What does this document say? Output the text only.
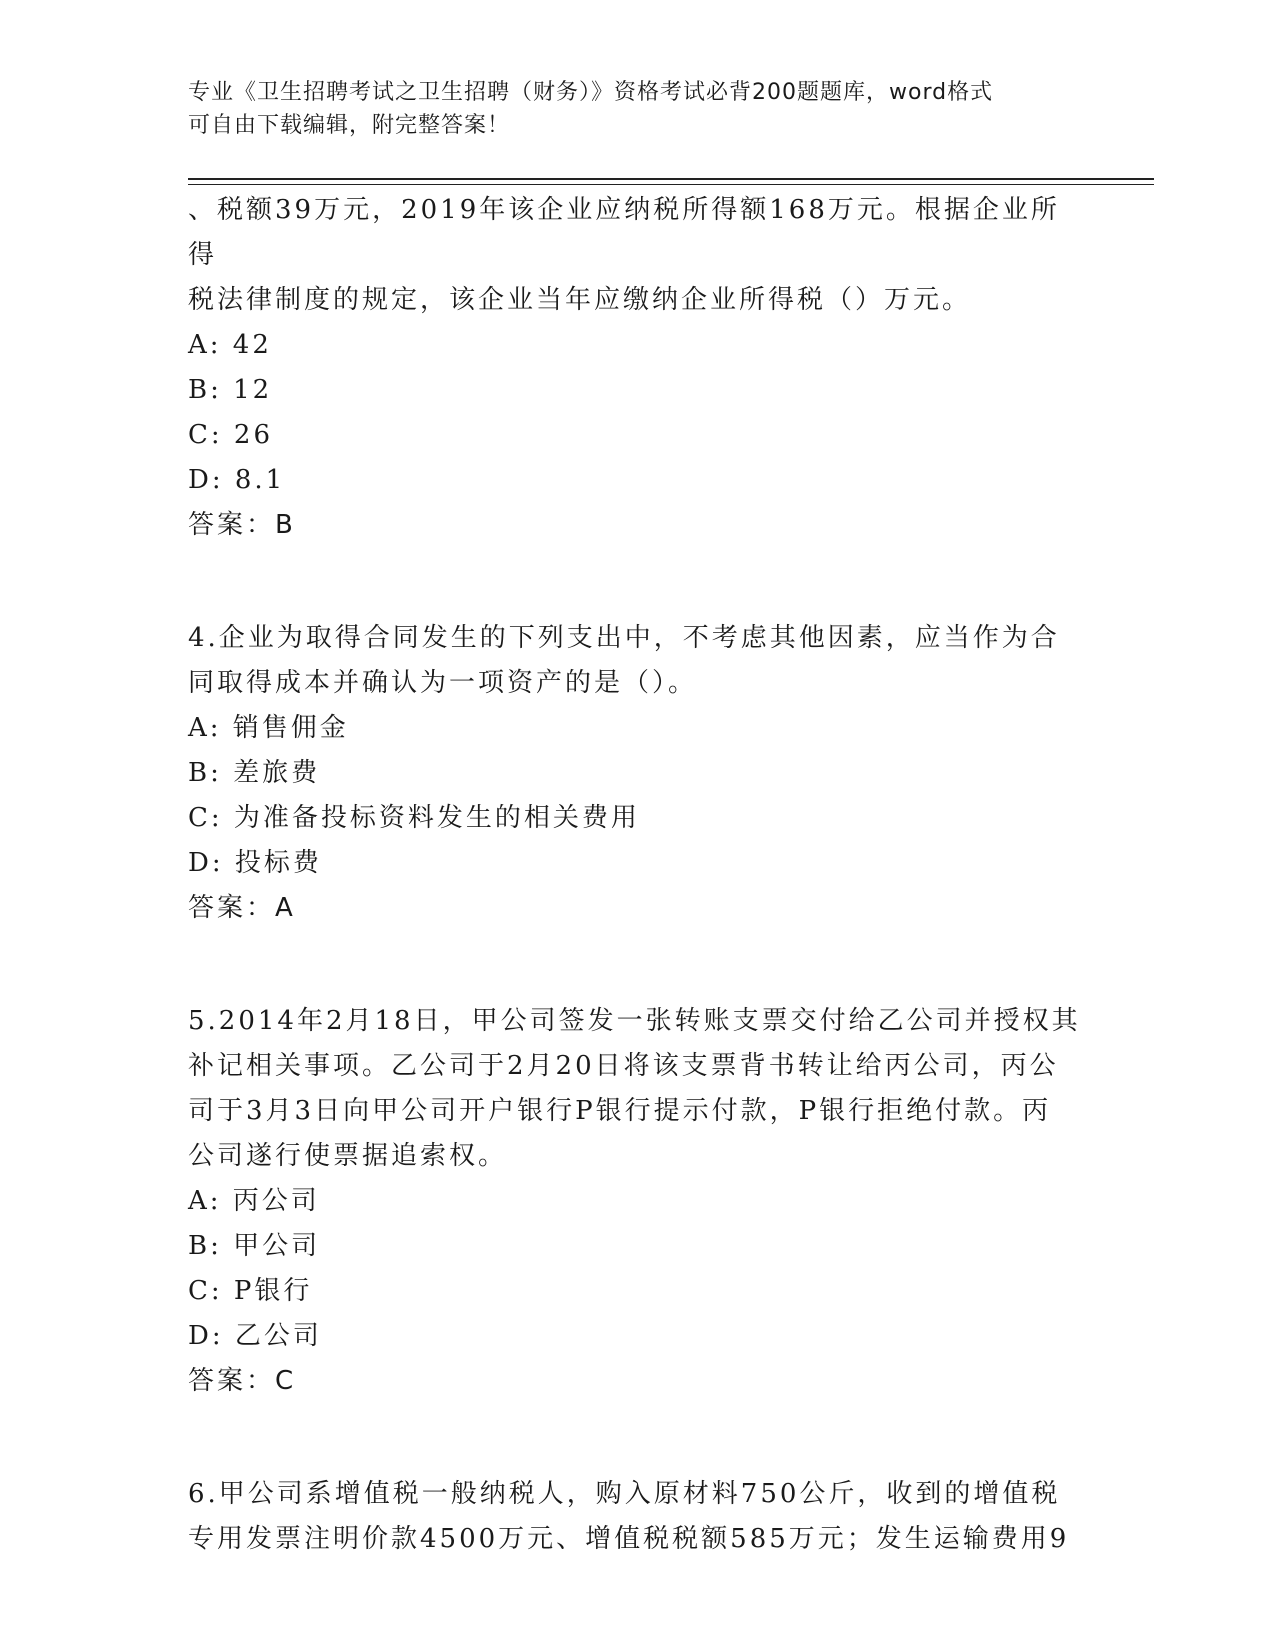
专业《卫生招聘考试之卫生招聘（财务）》资格考试必背200题题库，word格式
可自由下载编辑，附完整答案！

、税额39万元，2019年该企业应纳税所得额168万元。根据企业所得

税法律制度的规定，该企业当年应缴纳企业所得税（）万元。

A: 42

B: 12

C: 26

D: 8.1

答案：B

4.企业为取得合同发生的下列支出中，不考虑其他因素，应当作为合

同取得成本并确认为一项资产的是（）。

A: 销售佣金

B: 差旅费

C: 为准备投标资料发生的相关费用

D: 投标费

答案：A

5.2014年2月18日，甲公司签发一张转账支票交付给乙公司并授权其

补记相关事项。乙公司于2月20日将该支票背书转让给丙公司，丙公

司于3月3日向甲公司开户银行P银行提示付款，P银行拒绝付款。丙

公司遂行使票据追索权。

A: 丙公司

B: 甲公司

C: P银行

D: 乙公司

答案：C

6.甲公司系增值税一般纳税人，购入原材料750公斤，收到的增值税

专用发票注明价款4500万元、增值税税额585万元；发生运输费用9
